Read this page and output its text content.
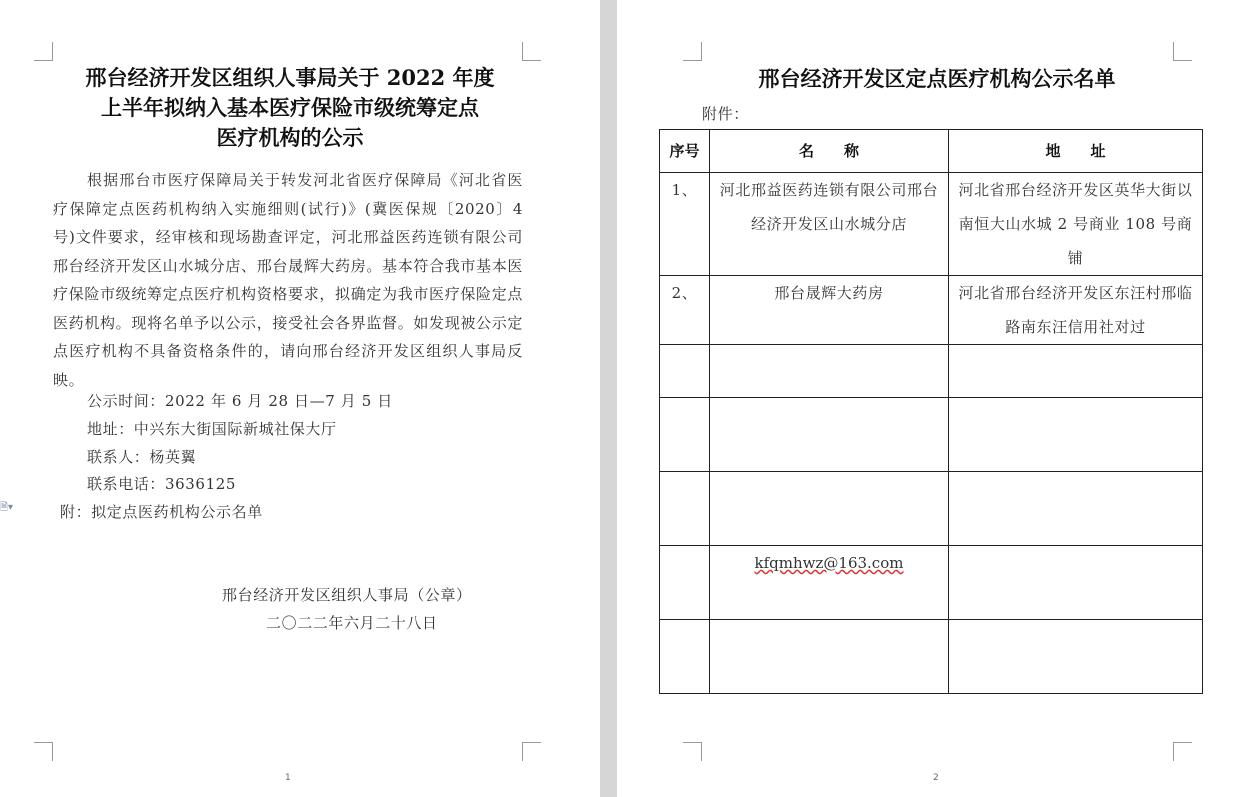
邢台经济开发区组织人事局关于 2022 年度
上半年拟纳入基本医疗保险市级统筹定点
医疗机构的公示
根据邢台市医疗保障局关于转发河北省医疗保障局《河北省医疗保障定点医药机构纳入实施细则(试行)》(冀医保规〔2020〕4 号)文件要求，经审核和现场勘查评定，河北邢益医药连锁有限公司邢台经济开发区山水城分店、邢台晟辉大药房。基本符合我市基本医疗保险市级统筹定点医疗机构资格要求，拟确定为我市医疗保险定点医药机构。现将名单予以公示，接受社会各界监督。如发现被公示定点医疗机构不具备资格条件的，请向邢台经济开发区组织人事局反映。
公示时间：2022 年 6 月 28 日—7 月 5 日
地址：中兴东大街国际新城社保大厅
联系人：杨英翼
联系电话：3636125
附：拟定点医药机构公示名单
邢台经济开发区组织人事局（公章）
二〇二二年六月二十八日
1
🗎▾
邢台经济开发区定点医疗机构公示名单
附件：
序号	名　　称	地　　址
1、	河北邢益医药连锁有限公司邢台经济开发区山水城分店	河北省邢台经济开发区英华大街以南恒大山水城 2 号商业 108 号商铺
2、	邢台晟辉大药房	河北省邢台经济开发区东汪村邢临路南东汪信用社对过

	kfqmhwz@163.com	

2
